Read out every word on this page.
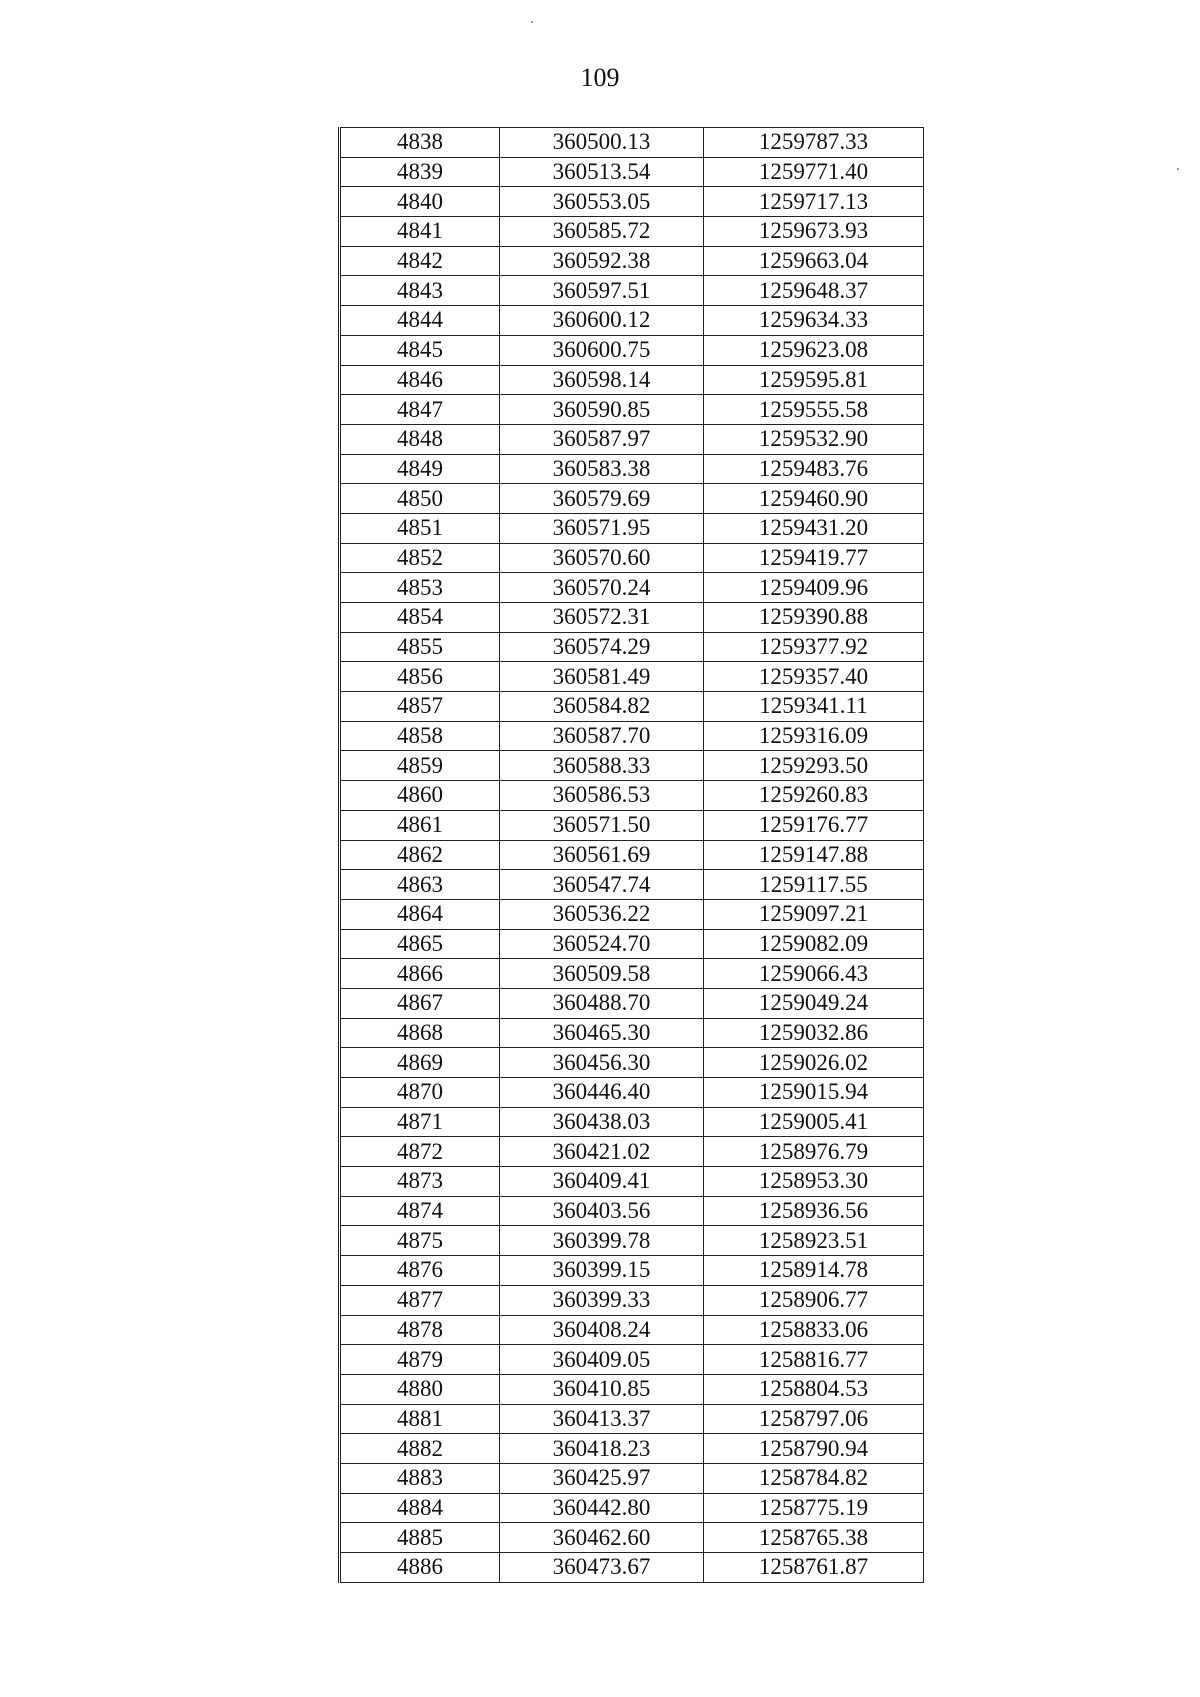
109
4838	360500.13	1259787.33
4839	360513.54	1259771.40
4840	360553.05	1259717.13
4841	360585.72	1259673.93
4842	360592.38	1259663.04
4843	360597.51	1259648.37
4844	360600.12	1259634.33
4845	360600.75	1259623.08
4846	360598.14	1259595.81
4847	360590.85	1259555.58
4848	360587.97	1259532.90
4849	360583.38	1259483.76
4850	360579.69	1259460.90
4851	360571.95	1259431.20
4852	360570.60	1259419.77
4853	360570.24	1259409.96
4854	360572.31	1259390.88
4855	360574.29	1259377.92
4856	360581.49	1259357.40
4857	360584.82	1259341.11
4858	360587.70	1259316.09
4859	360588.33	1259293.50
4860	360586.53	1259260.83
4861	360571.50	1259176.77
4862	360561.69	1259147.88
4863	360547.74	1259117.55
4864	360536.22	1259097.21
4865	360524.70	1259082.09
4866	360509.58	1259066.43
4867	360488.70	1259049.24
4868	360465.30	1259032.86
4869	360456.30	1259026.02
4870	360446.40	1259015.94
4871	360438.03	1259005.41
4872	360421.02	1258976.79
4873	360409.41	1258953.30
4874	360403.56	1258936.56
4875	360399.78	1258923.51
4876	360399.15	1258914.78
4877	360399.33	1258906.77
4878	360408.24	1258833.06
4879	360409.05	1258816.77
4880	360410.85	1258804.53
4881	360413.37	1258797.06
4882	360418.23	1258790.94
4883	360425.97	1258784.82
4884	360442.80	1258775.19
4885	360462.60	1258765.38
4886	360473.67	1258761.87
